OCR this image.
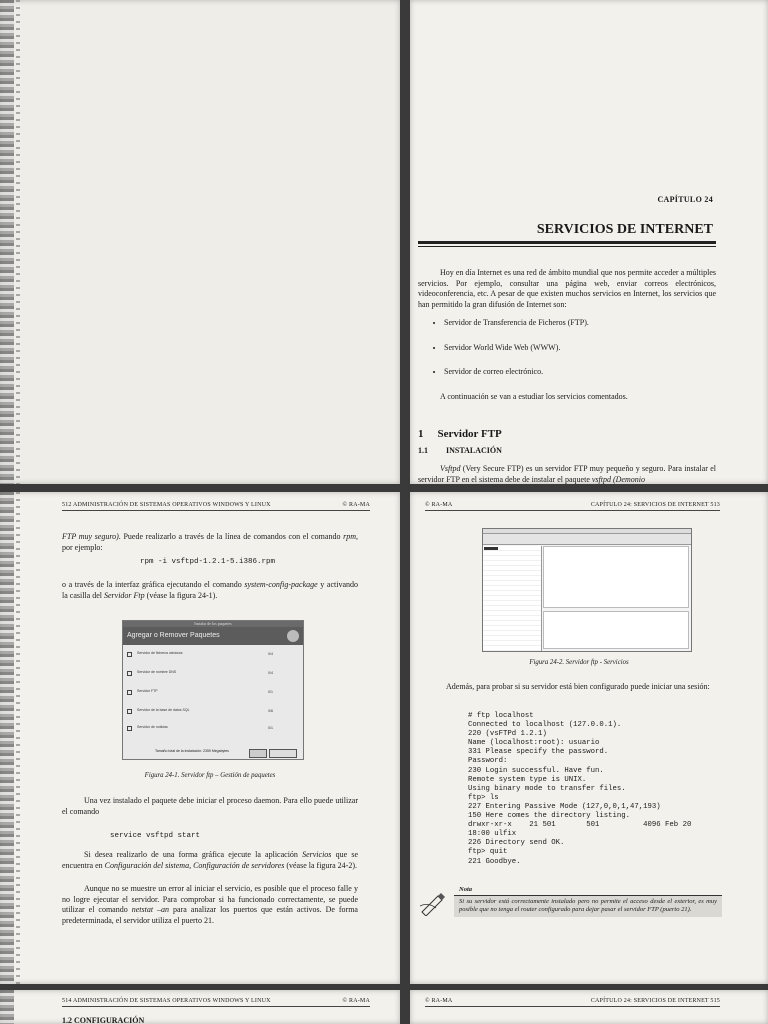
CAPÍTULO 24
SERVICIOS DE INTERNET

Hoy en día Internet es una red de ámbito mundial que nos permite acceder a múltiples servicios. Por ejemplo, consultar una página web, enviar correos electrónicos, videoconferencia, etc. A pesar de que existen muchos servicios en Internet, los servicios que han permitido la gran difusión de Internet son:

• Servidor de Transferencia de Ficheros (FTP).
• Servidor World Wide Web (WWW).
• Servidor de correo electrónico.

A continuación se van a estudiar los servicios comentados.

1 Servidor FTP
1.1 INSTALACIÓN
Vsftpd (Very Secure FTP) es un servidor FTP muy pequeño y seguro. Para instalar el servidor FTP en el sistema debe de instalar el paquete vsftpd (Demonio
512 ADMINISTRACIÓN DE SISTEMAS OPERATIVOS WINDOWS Y LINUX	© RA-MA
FTP muy seguro). Puede realizarlo a través de la línea de comandos con el comando rpm, por ejemplo:
rpm -i vsftpd-1.2.1-5.i386.rpm
o a través de la interfaz gráfica ejecutando el comando system-config-package y activando la casilla del Servidor Ftp (véase la figura 24-1).
Instalar de los paquetes
Agregar o Remover Paquetes
Servidor de ficheros windows	0/4
Servidor de nombre DNS	0/4
Servidor FTP	0/1
Servidor de la base de datos SQL	0/6
Servidor de noticias	0/1
Tamaño total de la instalación: 2359 Megabytes
Figura 24-1. Servidor ftp – Gestión de paquetes
Una vez instalado el paquete debe iniciar el proceso daemon. Para ello puede utilizar el comando
service vsftpd start
Si desea realizarlo de una forma gráfica ejecute la aplicación Servicios que se encuentra en Configuración del sistema, Configuración de servidores (véase la figura 24-2).
Aunque no se muestre un error al iniciar el servicio, es posible que el proceso falle y no logre ejecutar el servidor. Para comprobar si ha funcionado correctamente, se puede utilizar el comando netstat –an para analizar los puertos que están activos. De forma predeterminada, el servidor utiliza el puerto 21.
© RA-MA	CAPÍTULO 24: SERVICIOS DE INTERNET 513
Figura 24-2. Servidor ftp - Servicios
Además, para probar si su servidor está bien configurado puede iniciar una sesión:
# ftp localhost
Connected to localhost (127.0.0.1).
220 (vsFTPd 1.2.1)
Name (localhost:root): usuario
331 Please specify the password.
Password:
230 Login successful. Have fun.
Remote system type is UNIX.
Using binary mode to transfer files.
ftp> ls
227 Entering Passive Mode (127,0,0,1,47,193)
150 Here comes the directory listing.
drwxr-xr-x    21 501       501          4096 Feb 20
18:00 ulfix
226 Directory send OK.
ftp> quit
221 Goodbye.
Nota
Si su servidor está correctamente instalado pero no permite el acceso desde el exterior, es muy posible que no tenga el router configurado para dejar pasar el servidor FTP (puerto 21).
514 ADMINISTRACIÓN DE SISTEMAS OPERATIVOS WINDOWS Y LINUX	© RA-MA
1.2 CONFIGURACIÓN
© RA-MA	CAPÍTULO 24: SERVICIOS DE INTERNET 515
